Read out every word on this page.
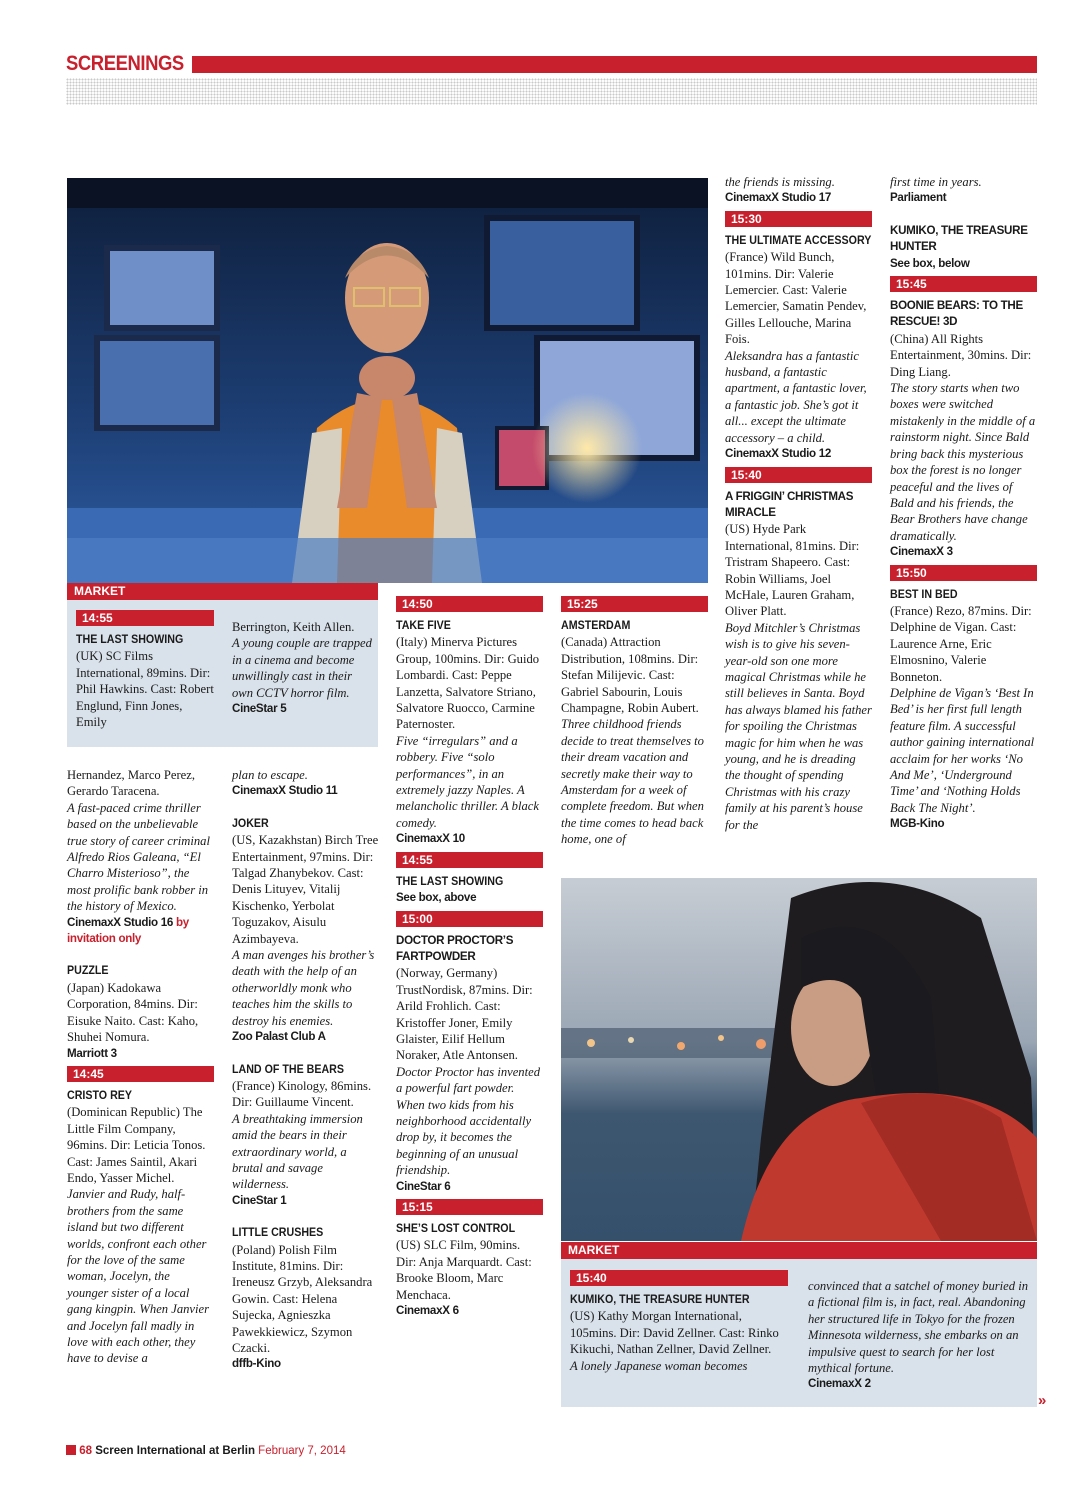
SCREENINGS
MARKET
14:55

THE LAST SHOWING

(UK) SC Films International, 89mins. Dir: Phil Hawkins. Cast: Robert Englund, Finn Jones, Emily

Berrington, Keith Allen.

A young couple are trapped in a cinema and become unwillingly cast in their own CCTV horror film.

CineStar 5

Hernandez, Marco Perez, Gerardo Taracena.

A fast-paced crime thriller based on the unbelievable true story of career criminal Alfredo Rios Galeana, “El Charro Misterioso”, the most prolific bank robber in the history of Mexico.

CinemaxX Studio 16 by invitation only

PUZZLE

(Japan) Kadokawa Corporation, 84mins. Dir: Eisuke Naito. Cast: Kaho, Shuhei Nomura.

Marriott 3

14:45

CRISTO REY

(Dominican Republic) The Little Film Company, 96mins. Dir: Leticia Tonos. Cast: James Saintil, Akari Endo, Yasser Michel.

Janvier and Rudy, half-brothers from the same island but two different worlds, confront each other for the love of the same woman, Jocelyn, the younger sister of a local gang kingpin. When Janvier and Jocelyn fall madly in love with each other, they have to devise a

plan to escape.

CinemaxX Studio 11

JOKER

(US, Kazakhstan) Birch Tree Entertainment, 97mins. Dir: Talgad Zhanybekov. Cast: Denis Lituyev, Vitalij Kischenko, Yerbolat Toguzakov, Aisulu Azimbayeva.

A man avenges his brother’s death with the help of an otherworldly monk who teaches him the skills to destroy his enemies.

Zoo Palast Club A

LAND OF THE BEARS

(France) Kinology, 86mins. Dir: Guillaume Vincent.

A breathtaking immersion amid the bears in their extraordinary world, a brutal and savage wilderness.

CineStar 1

LITTLE CRUSHES

(Poland) Polish Film Institute, 81mins. Dir: Ireneusz Grzyb, Aleksandra Gowin. Cast: Helena Sujecka, Agnieszka Pawekkiewicz, Szymon Czacki.

dffb-Kino

14:50

TAKE FIVE

(Italy) Minerva Pictures Group, 100mins. Dir: Guido Lombardi. Cast: Peppe Lanzetta, Salvatore Striano, Salvatore Ruocco, Carmine Paternoster.

Five “irregulars” and a robbery. Five “solo performances”, in an extremely jazzy Naples. A melancholic thriller. A black comedy.

CinemaxX 10

14:55

THE LAST SHOWING

See box, above

15:00

DOCTOR PROCTOR’S FARTPOWDER

(Norway, Germany) TrustNordisk, 87mins. Dir: Arild Frohlich. Cast: Kristoffer Joner, Emily Glaister, Eilif Hellum Noraker, Atle Antonsen.

Doctor Proctor has invented a powerful fart powder. When two kids from his neighborhood accidentally drop by, it becomes the beginning of an unusual friendship.

CineStar 6

15:15

SHE’S LOST CONTROL

(US) SLC Film, 90mins. Dir: Anja Marquardt. Cast: Brooke Bloom, Marc Menchaca.

CinemaxX 6

15:25

AMSTERDAM

(Canada) Attraction Distribution, 108mins. Dir: Stefan Milijevic. Cast: Gabriel Sabourin, Louis Champagne, Robin Aubert.

Three childhood friends decide to treat themselves to their dream vacation and secretly make their way to Amsterdam for a week of complete freedom. But when the time comes to head back home, one of

the friends is missing.

CinemaxX Studio 17

15:30

THE ULTIMATE ACCESSORY

(France) Wild Bunch, 101mins. Dir: Valerie Lemercier. Cast: Valerie Lemercier, Samatin Pendev, Gilles Lellouche, Marina Fois.

Aleksandra has a fantastic husband, a fantastic apartment, a fantastic lover, a fantastic job. She’s got it all... except the ultimate accessory – a child.

CinemaxX Studio 12

15:40

A FRIGGIN’ CHRISTMAS MIRACLE

(US) Hyde Park International, 81mins. Dir: Tristram Shapeero. Cast: Robin Williams, Joel McHale, Lauren Graham, Oliver Platt.

Boyd Mitchler’s Christmas wish is to give his seven-year-old son one more magical Christmas while he still believes in Santa. Boyd has always blamed his father for spoiling the Christmas magic for him when he was young, and he is dreading the thought of spending Christmas with his crazy family at his parent’s house for the

first time in years.

Parliament

KUMIKO, THE TREASURE HUNTER

See box, below

15:45

BOONIE BEARS: TO THE RESCUE! 3D

(China) All Rights Entertainment, 30mins. Dir: Ding Liang.

The story starts when two boxes were switched mistakenly in the middle of a rainstorm night. Since Bald bring back this mysterious box the forest is no longer peaceful and the lives of Bald and his friends, the Bear Brothers have change dramatically.

CinemaxX 3

15:50

BEST IN BED

(France) Rezo, 87mins. Dir: Delphine de Vigan. Cast: Laurence Arne, Eric Elmosnino, Valerie Bonneton.

Delphine de Vigan’s ‘Best In Bed’ is her first full length feature film. A successful author gaining international acclaim for her works ‘No And Me’, ‘Underground Time’ and ‘Nothing Holds Back The Night’.

MGB-Kino

MARKET
15:40

KUMIKO, THE TREASURE HUNTER

(US) Kathy Morgan International, 105mins. Dir: David Zellner. Cast: Rinko Kikuchi, Nathan Zellner, David Zellner.

A lonely Japanese woman becomes

convinced that a satchel of money buried in a fictional film is, in fact, real. Abandoning her structured life in Tokyo for the frozen Minnesota wilderness, she embarks on an impulsive quest to search for her lost mythical fortune.

CinemaxX 2

»
68 Screen International at Berlin February 7, 2014
